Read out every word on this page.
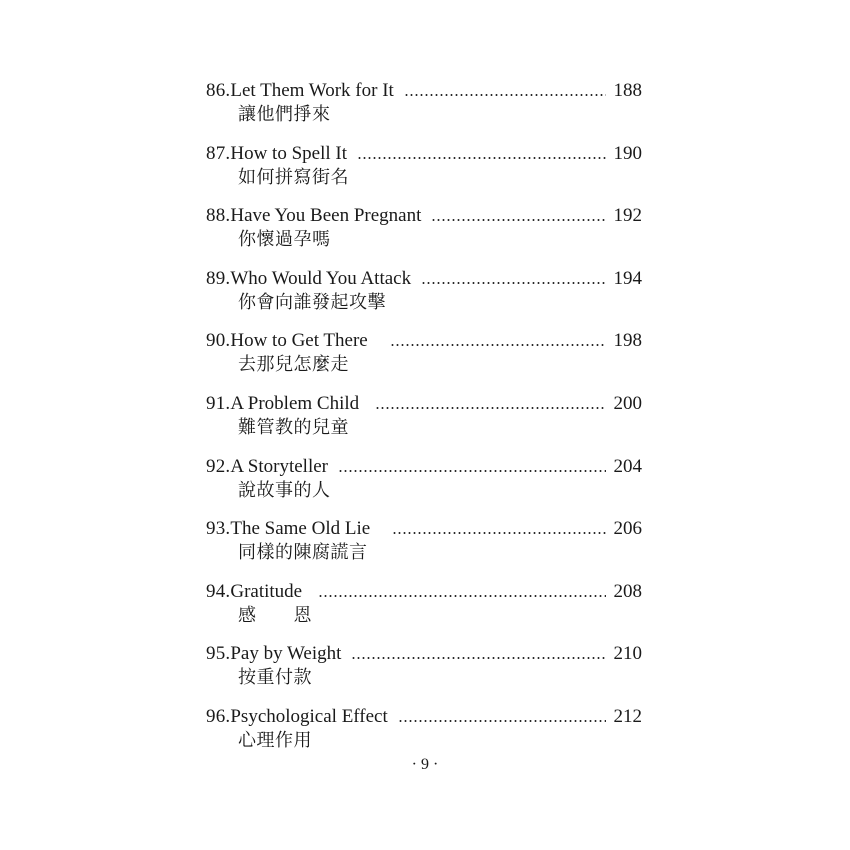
86. Let Them Work for It	188
讓他們掙來
87. How to Spell It	190
如何拼寫街名
88. Have You Been Pregnant	192
你懷過孕嗎
89. Who Would You Attack	194
你會向誰發起攻擊
90. How to Get There	198
去那兒怎麼走
91. A Problem Child	200
難管教的兒童
92. A Storyteller	204
說故事的人
93. The Same Old Lie	206
同樣的陳腐謊言
94. Gratitude	208
感　　恩
95. Pay by Weight	210
按重付款
96. Psychological Effect	212
心理作用
· 9 ·
